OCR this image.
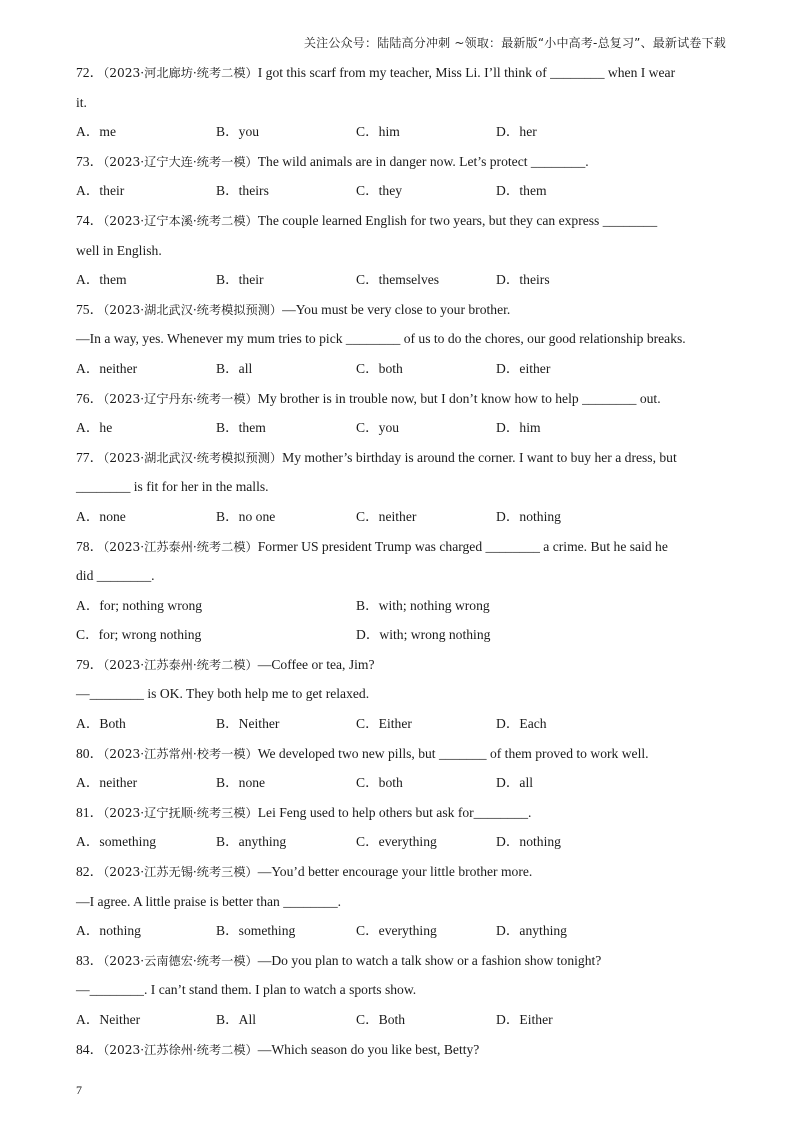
关注公众号：陆陆高分冲刺 ~领取：最新版“小中高考-总复习”、最新试卷下载
72．（2023·河北廊坊·统考二模）I got this scarf from my teacher, Miss Li. I’ll think of ________ when I wear
it.
A．me	B．you	C．him	D．her
73．（2023·辽宁大连·统考一模）The wild animals are in danger now. Let’s protect ________.
A．their	B．theirs	C．they	D．them
74．（2023·辽宁本溪·统考二模）The couple learned English for two years, but they can express ________
well in English.
A．them	B．their	C．themselves	D．theirs
75．（2023·湖北武汉·统考模拟预测）—You must be very close to your brother.
—In a way, yes. Whenever my mum tries to pick ________ of us to do the chores, our good relationship breaks.
A．neither	B．all	C．both	D．either
76．（2023·辽宁丹东·统考一模）My brother is in trouble now, but I don’t know how to help ________ out.
A．he	B．them	C．you	D．him
77．（2023·湖北武汉·统考模拟预测）My mother’s birthday is around the corner. I want to buy her a dress, but
________ is fit for her in the malls.
A．none	B．no one	C．neither	D．nothing
78．（2023·江苏泰州·统考二模）Former US president Trump was charged ________ a crime. But he said he
did ________.
A．for; nothing wrong	B．with; nothing wrong
C．for; wrong nothing	D．with; wrong nothing
79．（2023·江苏泰州·统考二模）—Coffee or tea, Jim?
—________ is OK. They both help me to get relaxed.
A．Both	B．Neither	C．Either	D．Each
80．（2023·江苏常州·校考一模）We developed two new pills, but _______ of them proved to work well.
A．neither	B．none	C．both	D．all
81．（2023·辽宁抚顺·统考三模）Lei Feng used to help others but ask for________.
A．something	B．anything	C．everything	D．nothing
82．（2023·江苏无锡·统考三模）—You’d better encourage your little brother more.
—I agree. A little praise is better than ________.
A．nothing	B．something	C．everything	D．anything
83．（2023·云南德宏·统考一模）—Do you plan to watch a talk show or a fashion show tonight?
—________. I can’t stand them. I plan to watch a sports show.
A．Neither	B．All	C．Both	D．Either
84．（2023·江苏徐州·统考二模）—Which season do you like best, Betty?
7
